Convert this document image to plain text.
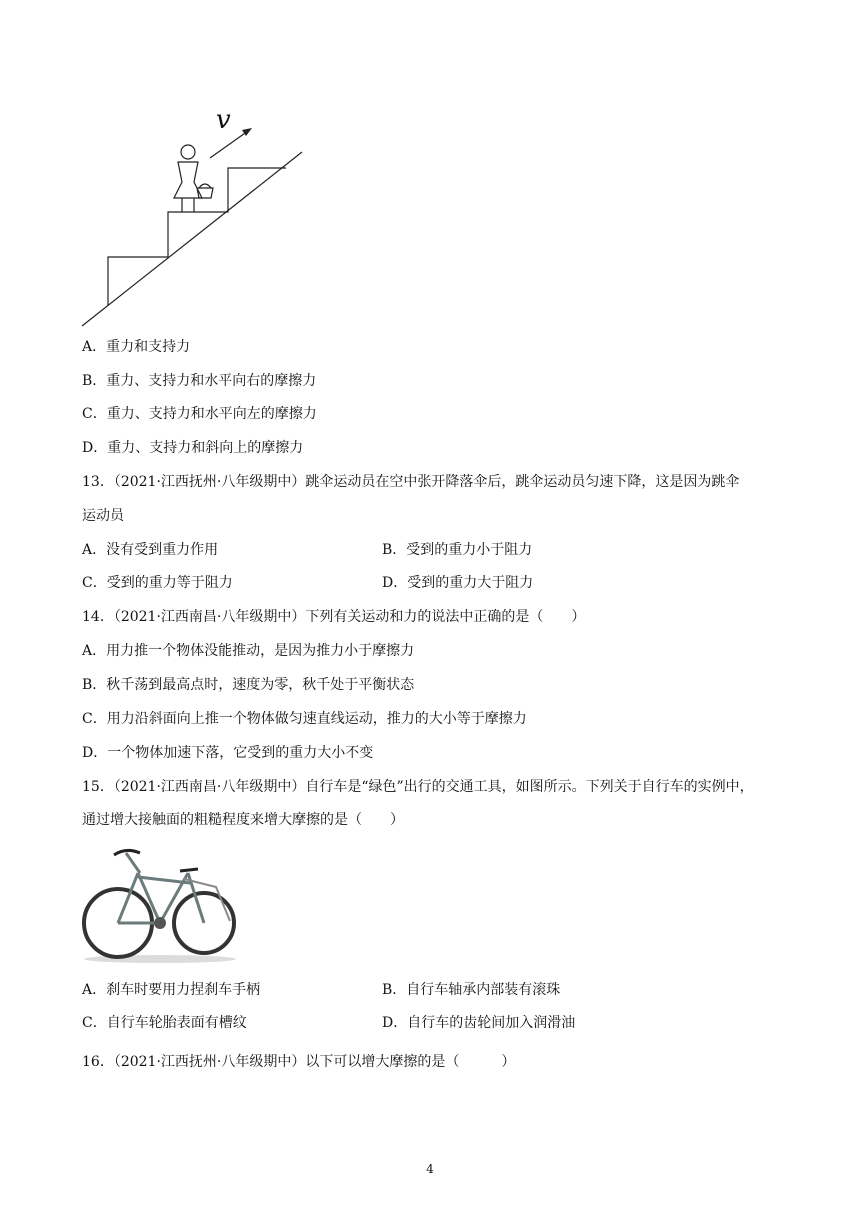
v
A．重力和支持力
B．重力、支持力和水平向右的摩擦力
C．重力、支持力和水平向左的摩擦力
D．重力、支持力和斜向上的摩擦力
13．（2021·江西抚州·八年级期中）跳伞运动员在空中张开降落伞后，跳伞运动员匀速下降，这是因为跳伞
运动员
A．没有受到重力作用	B．受到的重力小于阻力
C．受到的重力等于阻力	D．受到的重力大于阻力
14．（2021·江西南昌·八年级期中）下列有关运动和力的说法中正确的是（　　）
A．用力推一个物体没能推动，是因为推力小于摩擦力
B．秋千荡到最高点时，速度为零，秋千处于平衡状态
C．用力沿斜面向上推一个物体做匀速直线运动，推力的大小等于摩擦力
D．一个物体加速下落，它受到的重力大小不变
15．（2021·江西南昌·八年级期中）自行车是“绿色”出行的交通工具，如图所示。下列关于自行车的实例中，
通过增大接触面的粗糙程度来增大摩擦的是（　　）
A．刹车时要用力捏刹车手柄	B．自行车轴承内部装有滚珠
C．自行车轮胎表面有槽纹	D．自行车的齿轮间加入润滑油
16．（2021·江西抚州·八年级期中）以下可以增大摩擦的是（　　　）
4
